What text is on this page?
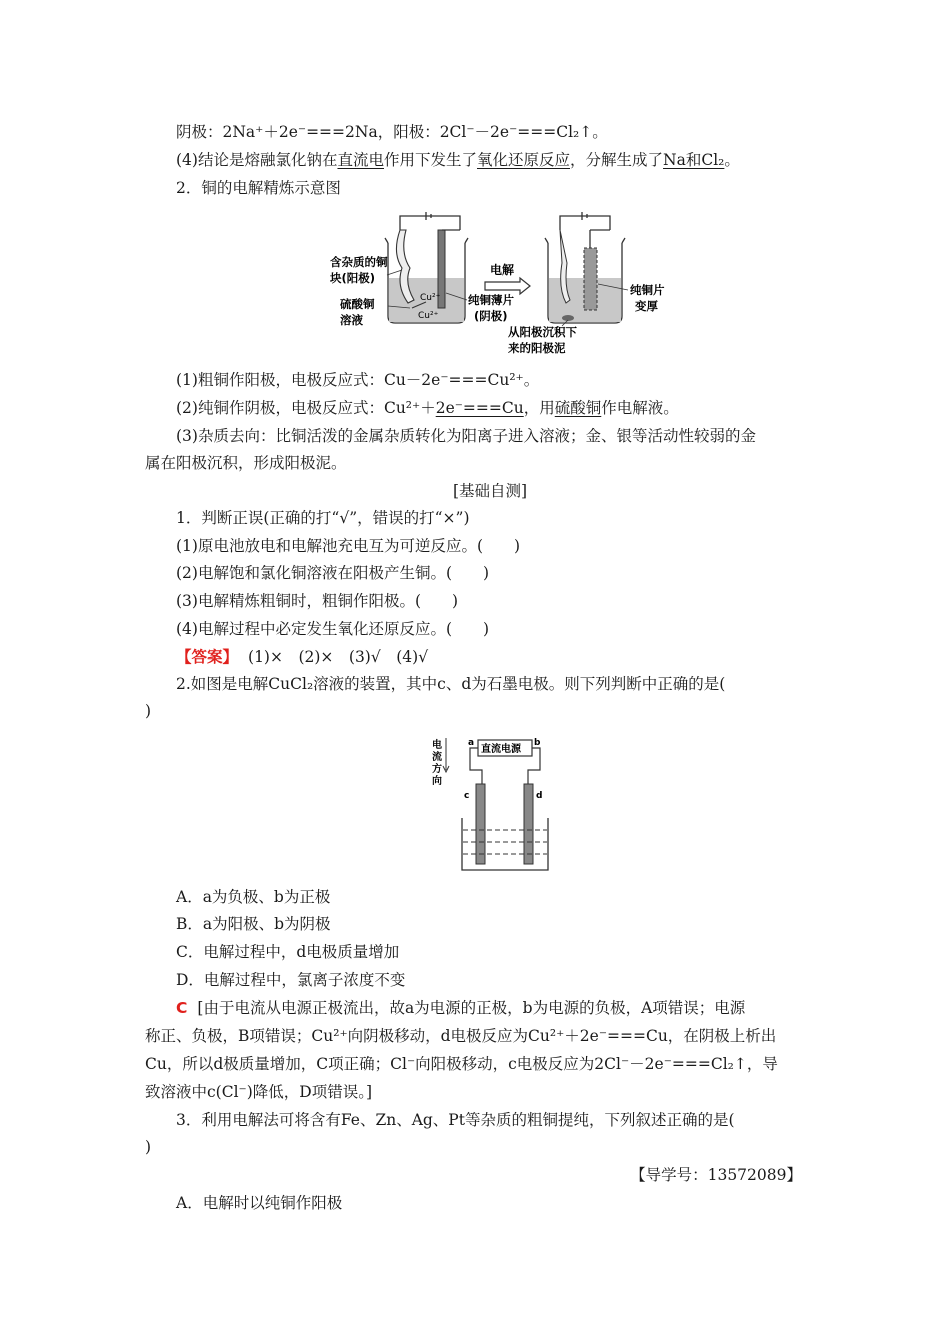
阴极：2Na⁺＋2e⁻===2Na，阳极：2Cl⁻－2e⁻===Cl₂↑。
(4)结论是熔融氯化钠在直流电作用下发生了氧化还原反应，分解生成了Na和Cl₂。
2．铜的电解精炼示意图
Cu²⁺
Cu²⁺
含杂质的铜
块(阳极)
硫酸铜
溶液
纯铜薄片
(阴极)
电解
纯铜片
变厚
从阳极沉积下
来的阳极泥
(1)粗铜作阳极，电极反应式：Cu－2e⁻===Cu²⁺。
(2)纯铜作阴极，电极反应式：Cu²⁺＋2e⁻===Cu，用硫酸铜作电解液。
(3)杂质去向：比铜活泼的金属杂质转化为阳离子进入溶液；金、银等活动性较弱的金
属在阳极沉积，形成阳极泥。
[基础自测]
1．判断正误(正确的打“√”，错误的打“×”)
(1)原电池放电和电解池充电互为可逆反应。(　　)
(2)电解饱和氯化铜溶液在阳极产生铜。(　　)
(3)电解精炼粗铜时，粗铜作阳极。(　　)
(4)电解过程中必定发生氧化还原反应。(　　)
【答案】 (1)×　(2)×　(3)√　(4)√
2.如图是电解CuCl₂溶液的装置，其中c、d为石墨电极。则下列判断中正确的是(
)
电
流
方
向
直流电源
a	b
c	d
A．a为负极、b为正极
B．a为阳极、b为阴极
C．电解过程中，d电极质量增加
D．电解过程中，氯离子浓度不变
C [由于电流从电源正极流出，故a为电源的正极，b为电源的负极，A项错误；电源
称正、负极，B项错误；Cu²⁺向阴极移动，d电极反应为Cu²⁺＋2e⁻===Cu，在阴极上析出
Cu，所以d极质量增加，C项正确；Cl⁻向阳极移动，c电极反应为2Cl⁻－2e⁻===Cl₂↑，导
致溶液中c(Cl⁻)降低，D项错误。]
3．利用电解法可将含有Fe、Zn、Ag、Pt等杂质的粗铜提纯，下列叙述正确的是(
)
【导学号：13572089】
A．电解时以纯铜作阳极
